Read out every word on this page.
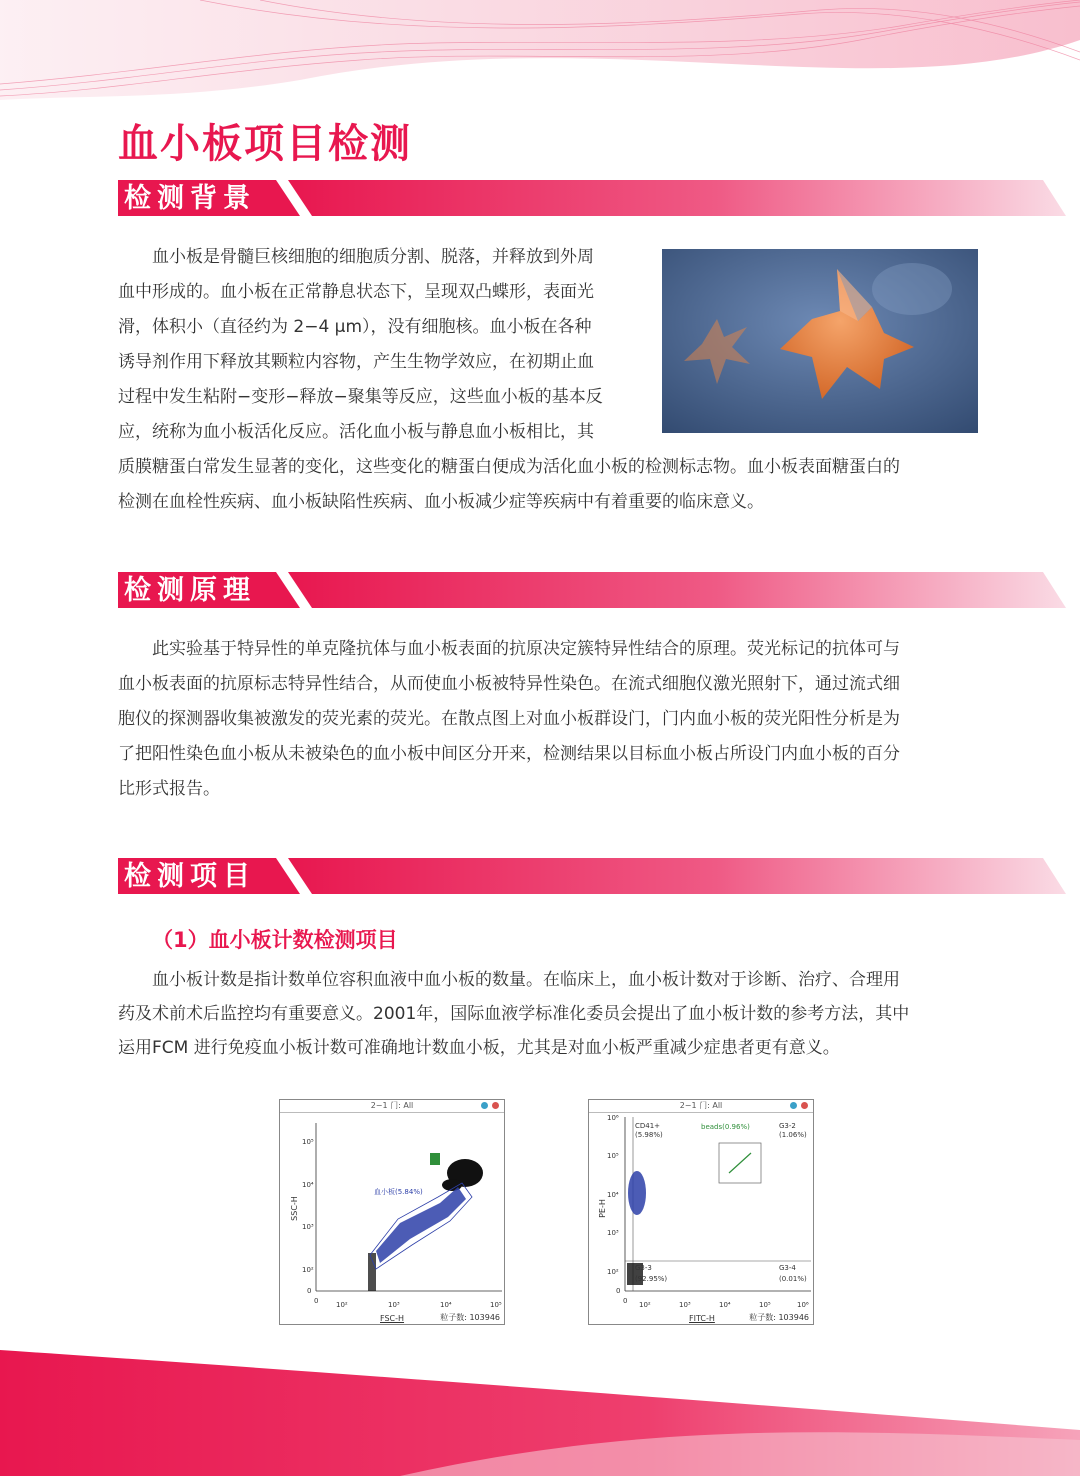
血小板项目检测
检测背景
血小板是骨髓巨核细胞的细胞质分割、脱落，并释放到外周
血中形成的。血小板在正常静息状态下，呈现双凸蝶形，表面光
滑，体积小（直径约为 2−4 μm），没有细胞核。血小板在各种
诱导剂作用下释放其颗粒内容物，产生生物学效应，在初期止血
过程中发生粘附−变形−释放−聚集等反应，这些血小板的基本反
应，统称为血小板活化反应。活化血小板与静息血小板相比，其
质膜糖蛋白常发生显著的变化，这些变化的糖蛋白便成为活化血小板的检测标志物。血小板表面糖蛋白的
检测在血栓性疾病、血小板缺陷性疾病、血小板减少症等疾病中有着重要的临床意义。
检测原理
此实验基于特异性的单克隆抗体与血小板表面的抗原决定簇特异性结合的原理。荧光标记的抗体可与
血小板表面的抗原标志特异性结合，从而使血小板被特异性染色。在流式细胞仪激光照射下，通过流式细
胞仪的探测器收集被激发的荧光素的荧光。在散点图上对血小板群设门，门内血小板的荧光阳性分析是为
了把阳性染色血小板从未被染色的血小板中间区分开来，检测结果以目标血小板占所设门内血小板的百分
比形式报告。
检测项目
（1）血小板计数检测项目
血小板计数是指计数单位容积血液中血小板的数量。在临床上，血小板计数对于诊断、治疗、合理用
药及术前术后监控均有重要意义。2001年，国际血液学标准化委员会提出了血小板计数的参考方法，其中
运用FCM 进行免疫血小板计数可准确地计数血小板，尤其是对血小板严重减少症患者更有意义。
2−1 门: All
血小板(5.84%)
10⁵
10⁴
10³
10²
0
0	10²	10³	10⁴	10⁵
SSC-H
FSC-H	粒子数: 103946
2−1 门: All
CD41+
(5.98%)
beads(0.96%)	G3-2
(1.06%)
G3-3
(92.95%)
G3-4
(0.01%)
10⁶
10⁵
10⁴
10³
10²
0
0 10²	10³	10⁴	10⁵	10⁶
PE-H
FITC-H	粒子数: 103946
